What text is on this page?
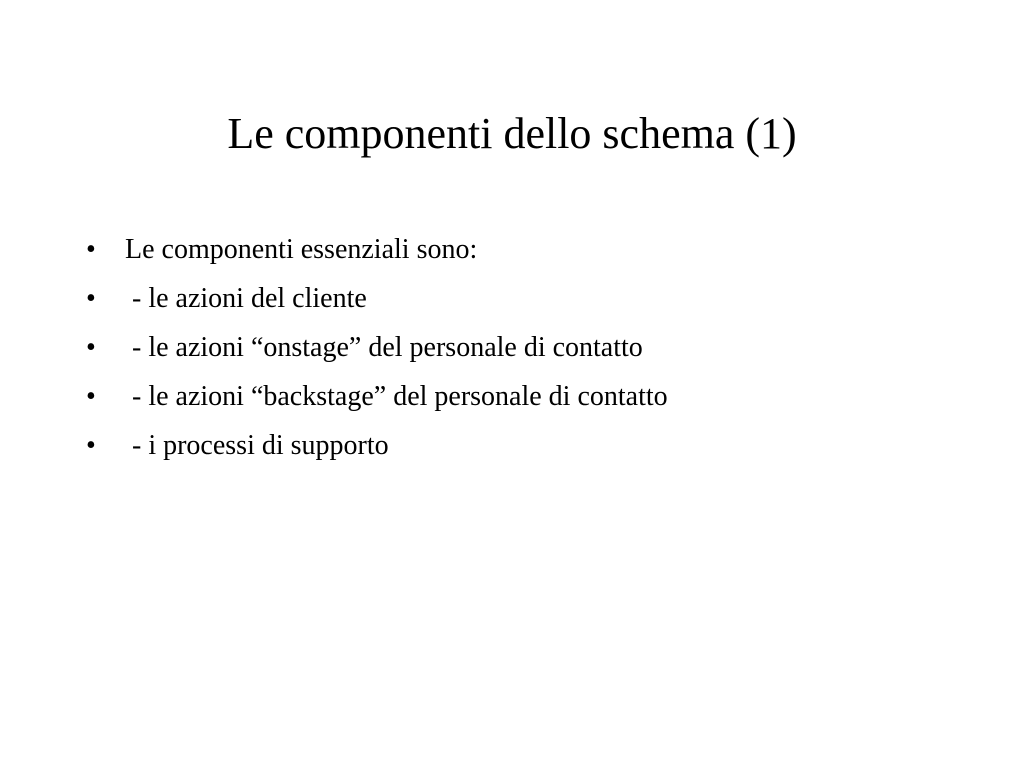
Le componenti dello schema (1)

•

	Le componenti essenziali sono:

•

	- le azioni del cliente

•

	- le azioni “onstage” del personale di contatto

•

	- le azioni “backstage” del personale di contatto

•

	- i processi di supporto
